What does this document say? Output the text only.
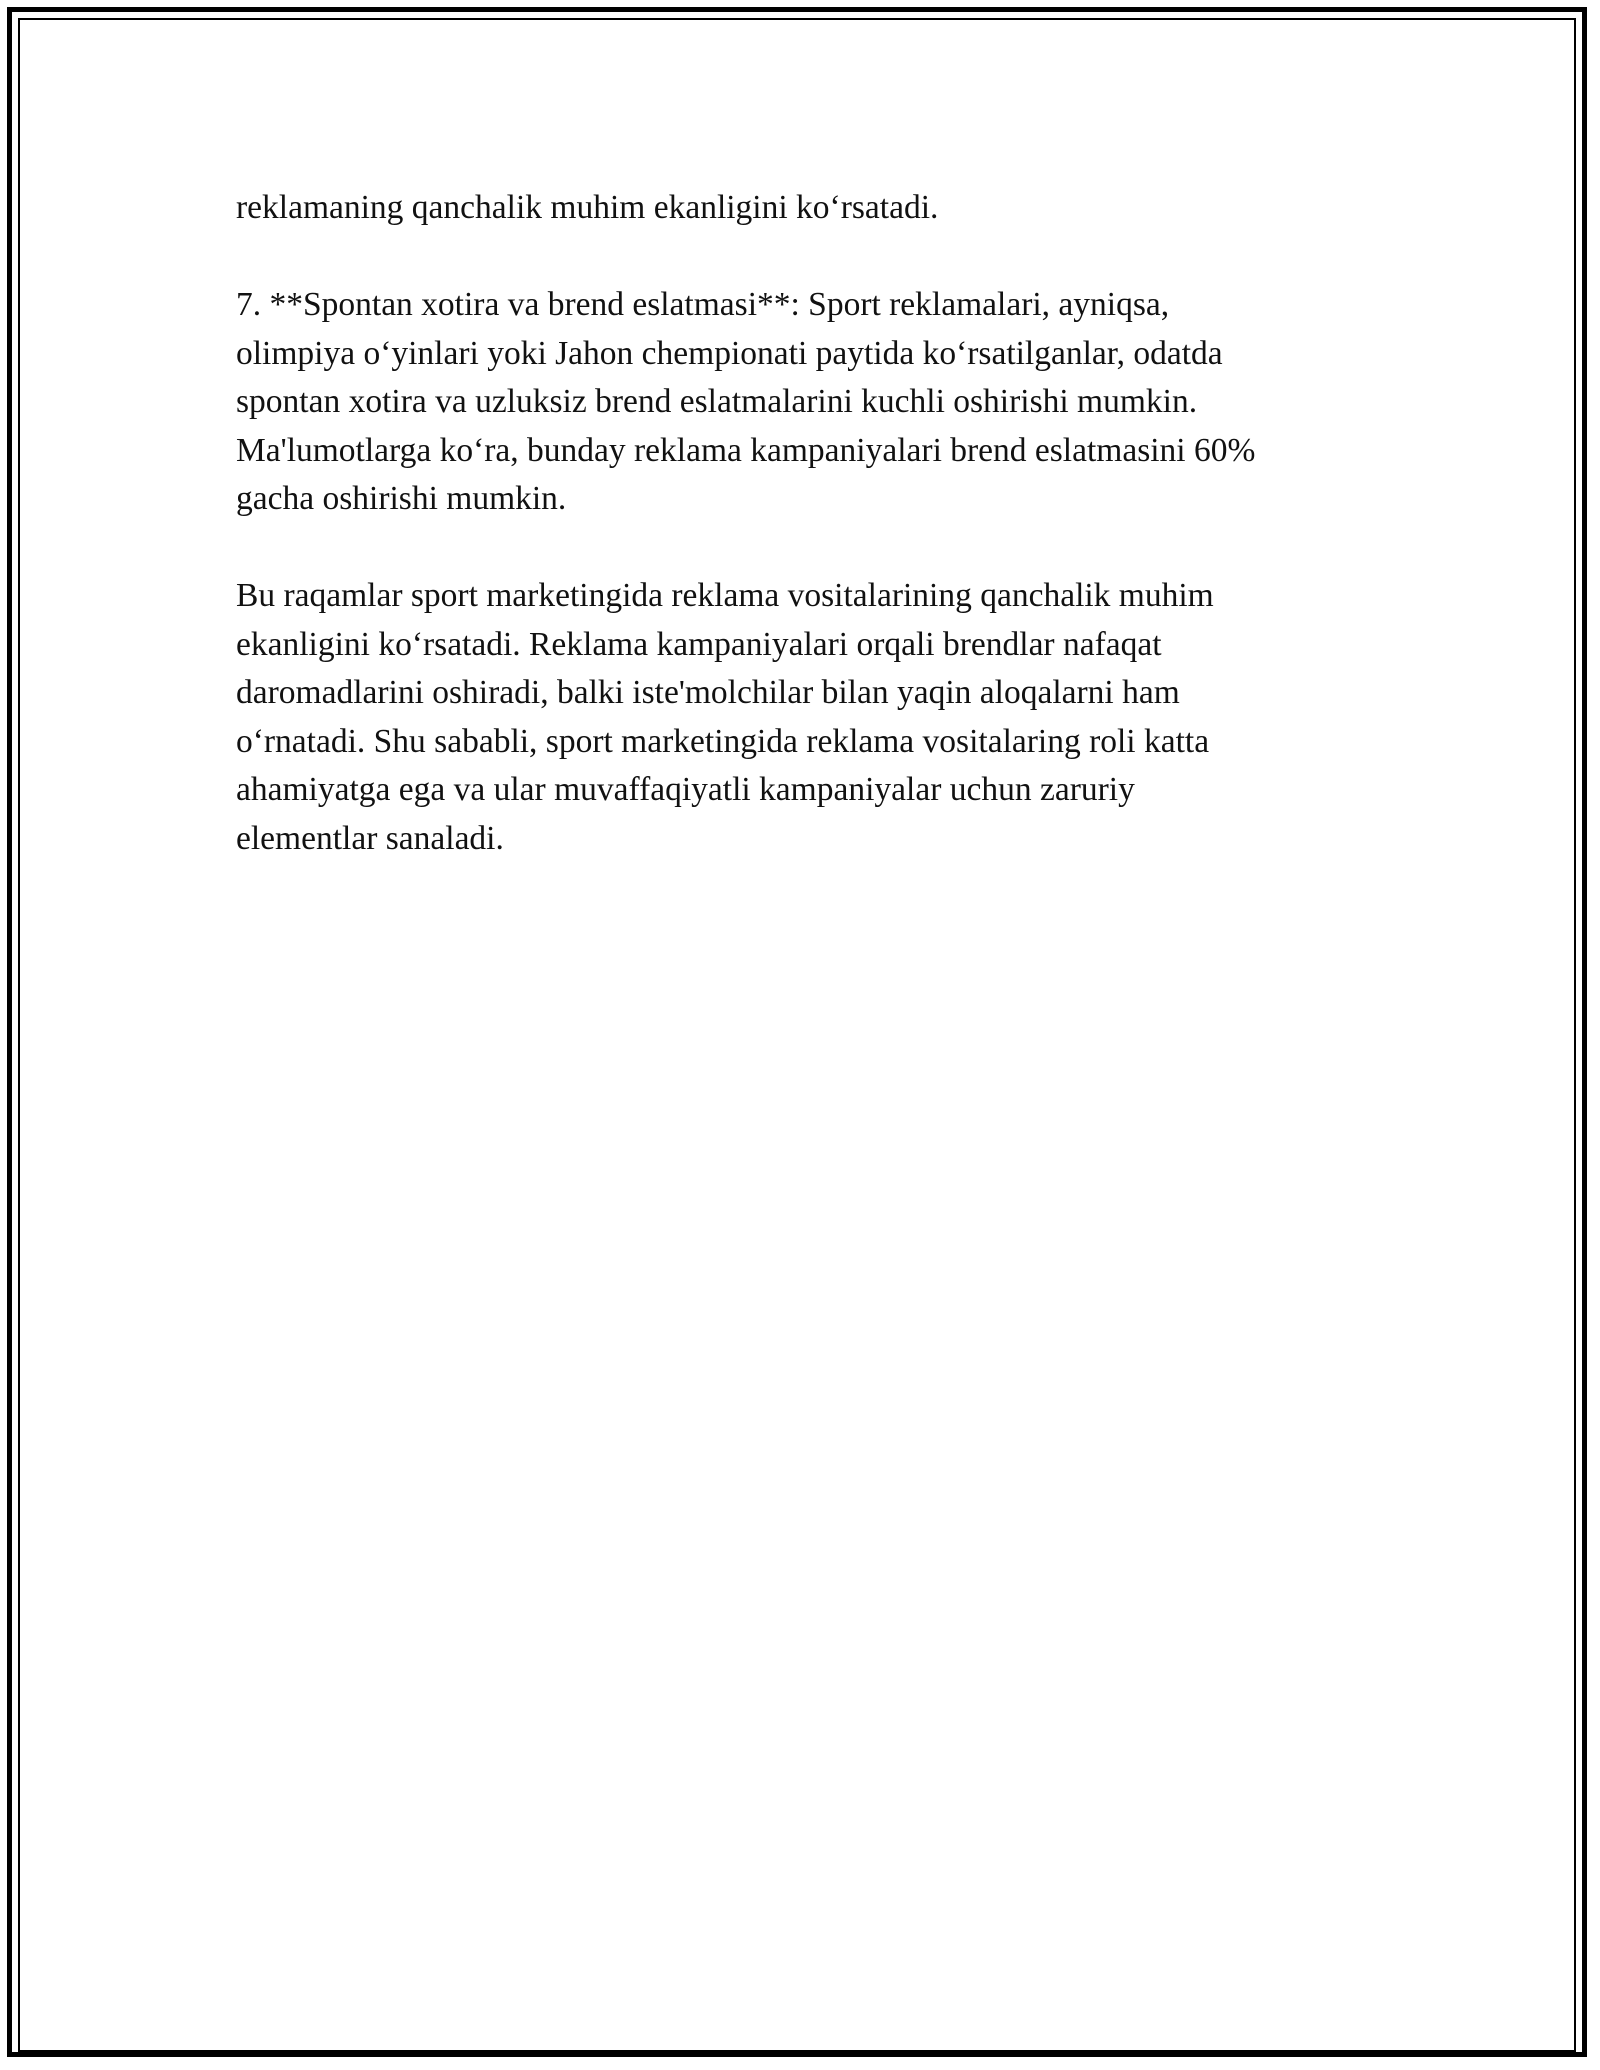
reklamaning qanchalik muhim ekanligini ko‘rsatadi.

7. **Spontan xotira va brend eslatmasi**: Sport reklamalari, ayniqsa,
olimpiya o‘yinlari yoki Jahon chempionati paytida ko‘rsatilganlar, odatda
spontan xotira va uzluksiz brend eslatmalarini kuchli oshirishi mumkin.
Ma'lumotlarga ko‘ra, bunday reklama kampaniyalari brend eslatmasini 60%
gacha oshirishi mumkin.

Bu raqamlar sport marketingida reklama vositalarining qanchalik muhim
ekanligini ko‘rsatadi. Reklama kampaniyalari orqali brendlar nafaqat
daromadlarini oshiradi, balki iste'molchilar bilan yaqin aloqalarni ham
o‘rnatadi. Shu sababli, sport marketingida reklama vositalaring roli katta
ahamiyatga ega va ular muvaffaqiyatli kampaniyalar uchun zaruriy
elementlar sanaladi.
